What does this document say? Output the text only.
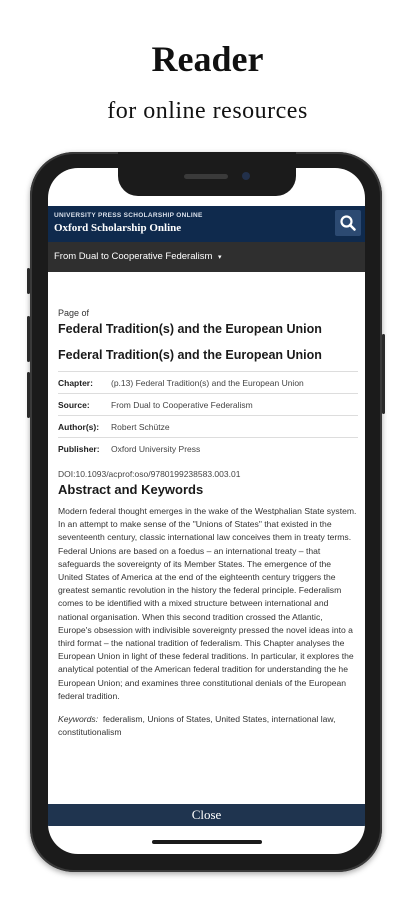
Reader
for online resources
UNIVERSITY PRESS SCHOLARSHIP ONLINE
Oxford Scholarship Online
From Dual to Cooperative Federalism ▾
Page of
Federal Tradition(s) and the European Union
Federal Tradition(s) and the European Union
Chapter:	(p.13) Federal Tradition(s) and the European Union
Source:	From Dual to Cooperative Federalism
Author(s):	Robert Schütze
Publisher:	Oxford University Press
DOI:10.1093/acprof:oso/9780199238583.003.01
Abstract and Keywords
Modern federal thought emerges in the wake of the Westphalian State system. In an attempt to make sense of the "Unions of States" that existed in the seventeenth century, classic international law conceives them in treaty terms. Federal Unions are based on a foedus – an international treaty – that safeguards the sovereignty of its Member States. The emergence of the United States of America at the end of the eighteenth century triggers the greatest semantic revolution in the history the federal principle. Federalism comes to be identified with a mixed structure between international and national organisation. When this second tradition crossed the Atlantic, Europe's obsession with indivisible sovereignty pressed the novel ideas into a third format – the national tradition of federalism. This Chapter analyses the European Union in light of these federal traditions. In particular, it explores the analytical potential of the American federal tradition for understanding the he European Union; and examines three constitutional denials of the European federal tradition.
Keywords: federalism, Unions of States, United States, international law, constitutionalism
Close
